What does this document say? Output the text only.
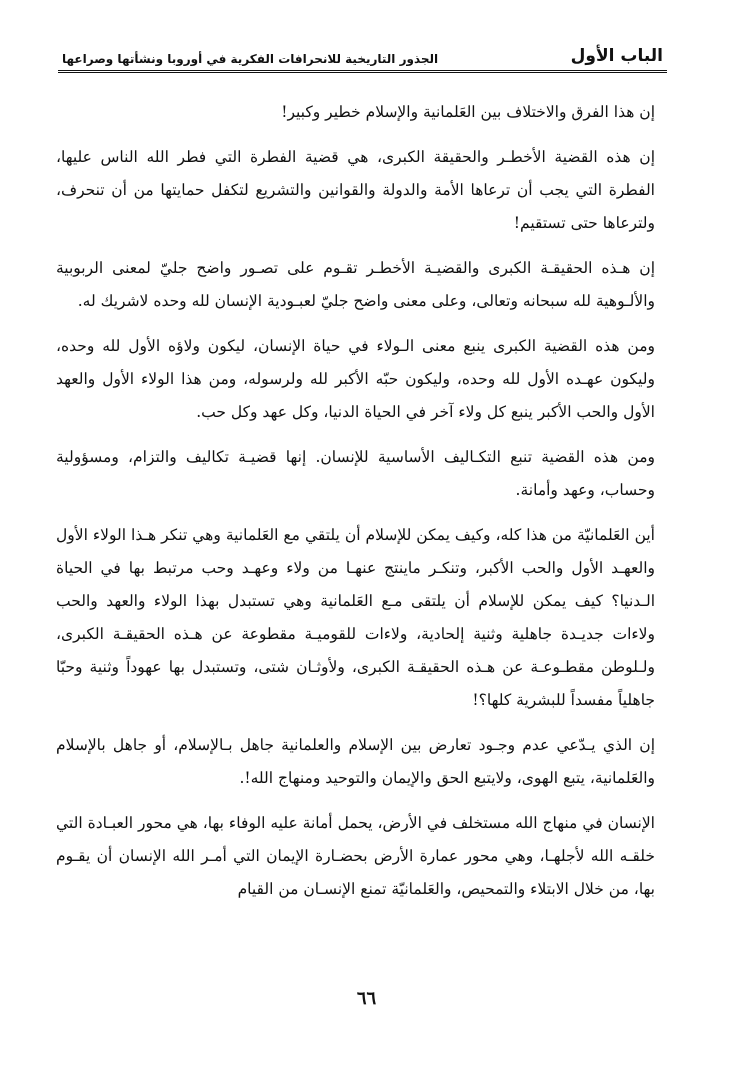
الباب الأول
الجذور التاريخية للانحرافات الفكرية في أوروبا ونشأتها وصراعها

إن هذا الفرق والاختلاف بين العَلمانية والإسلام خطير وكبير!

إن هذه القضية الأخطـر والحقيقة الكبرى، هي قضية الفطرة التي فطر الله الناس عليها، الفطرة التي يجب أن ترعاها الأمة والدولة والقوانين والتشريع لتكفل حمايتها من أن تنحرف، ولترعاها حتى تستقيم!

إن هـذه الحقيقـة الكبرى والقضيـة الأخطـر تقـوم على تصـور واضح جليّ لمعنى الربوبية والألـوهية لله سبحانه وتعالى، وعلى معنى واضح جليّ لعبـودية الإنسان لله وحده لاشريك له.

ومن هذه القضية الكبرى ينبع معنى الـولاء في حياة الإنسان، ليكون ولاؤه الأول لله وحده، وليكون عهـده الأول لله وحده، وليكون حبّه الأكبر لله ولرسوله، ومن هذا الولاء الأول والعهد الأول والحب الأكبر ينبع كل ولاء آخر في الحياة الدنيا، وكل عهد وكل حب.

ومن هذه القضية تنبع التكـاليف الأساسية للإنسان. إنها قضيـة تكاليف والتزام، ومسؤولية وحساب، وعهد وأمانة.

أين العَلمانيّة من هذا كله، وكيف يمكن للإسلام أن يلتقي مع العَلمانية وهي تنكر هـذا الولاء الأول والعهـد الأول والحب الأكبر، وتنكـر ماينتج عنهـا من ولاء وعهـد وحب مرتبط بها في الحياة الـدنيا؟ كيف يمكن للإسلام أن يلتقى مـع العَلمانية وهي تستبدل بهذا الولاء والعهد والحب ولاءات جديـدة جاهلية وثنية إلحادية، ولاءات للقوميـة مقطوعة عن هـذه الحقيقـة الكبرى، ولـلوطن مقطـوعـة عن هـذه الحقيقـة الكبرى، ولأوثـان شتى، وتستبدل بها عهوداً وثنية وحبّا جاهلياً مفسداً للبشرية كلها؟!

إن الذي يـدّعي عدم وجـود تعارض بين الإسلام والعلمانية جاهل بـالإسلام، أو جاهل بالإسلام والعَلمانية، يتبع الهوى، ولايتبع الحق والإيمان والتوحيد ومنهاج الله!.

الإنسان في منهاج الله مستخلف في الأرض، يحمل أمانة عليه الوفاء بها، هي محور العبـادة التي خلقـه الله لأجلهـا، وهي محور عمارة الأرض بحضـارة الإيمان التي أمـر الله الإنسان أن يقـوم بها، من خلال الابتلاء والتمحيص، والعَلمانيّة تمنع الإنسـان من القيام

٦٦
